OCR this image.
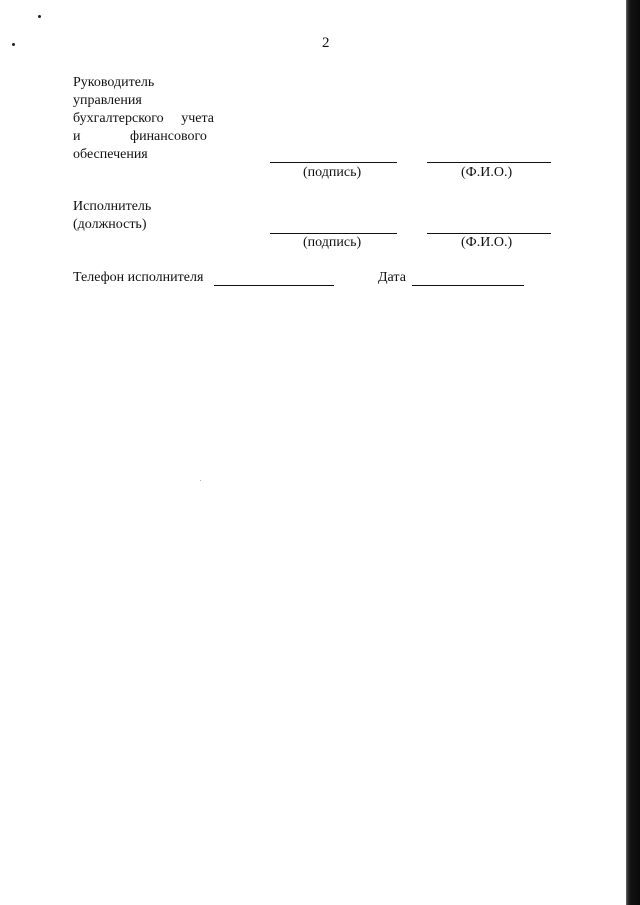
2
Руководитель
управления
бухгалтерского учета
и	финансового
обеспечения
(подпись)	(Ф.И.О.)
Исполнитель
(должность)
(подпись)	(Ф.И.О.)
Телефон исполнителя	Дата
